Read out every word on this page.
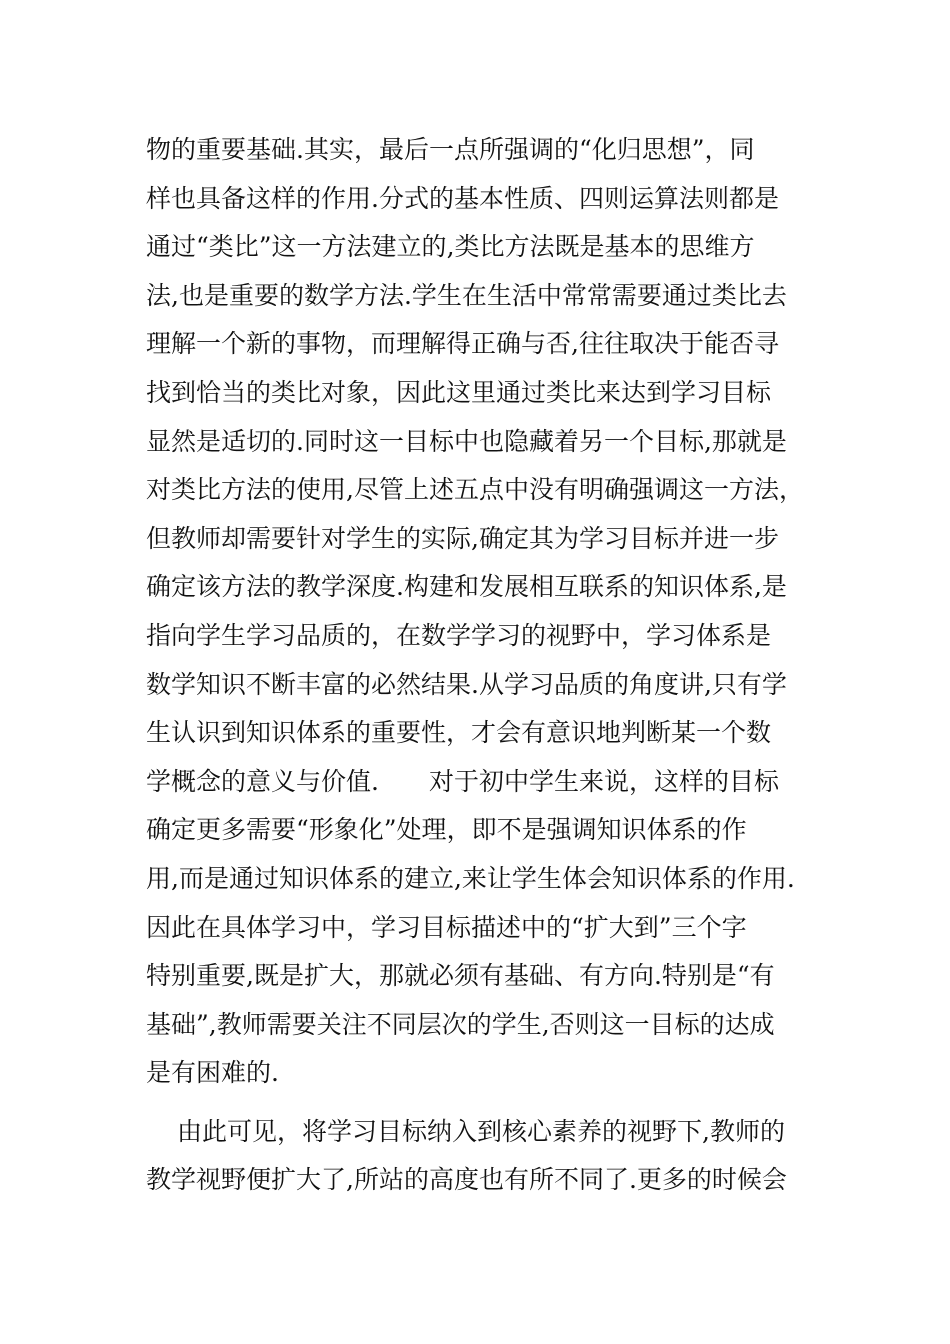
物的重要基础.其实，最后一点所强调的“化归思想”，同
样也具备这样的作用.分式的基本性质、四则运算法则都是
通过“类比”这一方法建立的,类比方法既是基本的思维方
法,也是重要的数学方法.学生在生活中常常需要通过类比去
理解一个新的事物，而理解得正确与否,往往取决于能否寻
找到恰当的类比对象，因此这里通过类比来达到学习目标
显然是适切的.同时这一目标中也隐藏着另一个目标,那就是
对类比方法的使用,尽管上述五点中没有明确强调这一方法，
但教师却需要针对学生的实际,确定其为学习目标并进一步
确定该方法的教学深度.构建和发展相互联系的知识体系,是
指向学生学习品质的，在数学学习的视野中，学习体系是
数学知识不断丰富的必然结果.从学习品质的角度讲,只有学
生认识到知识体系的重要性，才会有意识地判断某一个数
学概念的意义与价值.　　对于初中学生来说，这样的目标
确定更多需要“形象化”处理，即不是强调知识体系的作
用,而是通过知识体系的建立,来让学生体会知识体系的作用.
因此在具体学习中，学习目标描述中的“扩大到”三个字
特别重要,既是扩大，那就必须有基础、有方向.特别是“有
基础”,教师需要关注不同层次的学生,否则这一目标的达成
是有困难的.
由此可见，将学习目标纳入到核心素养的视野下,教师的
教学视野便扩大了,所站的高度也有所不同了.更多的时候会
